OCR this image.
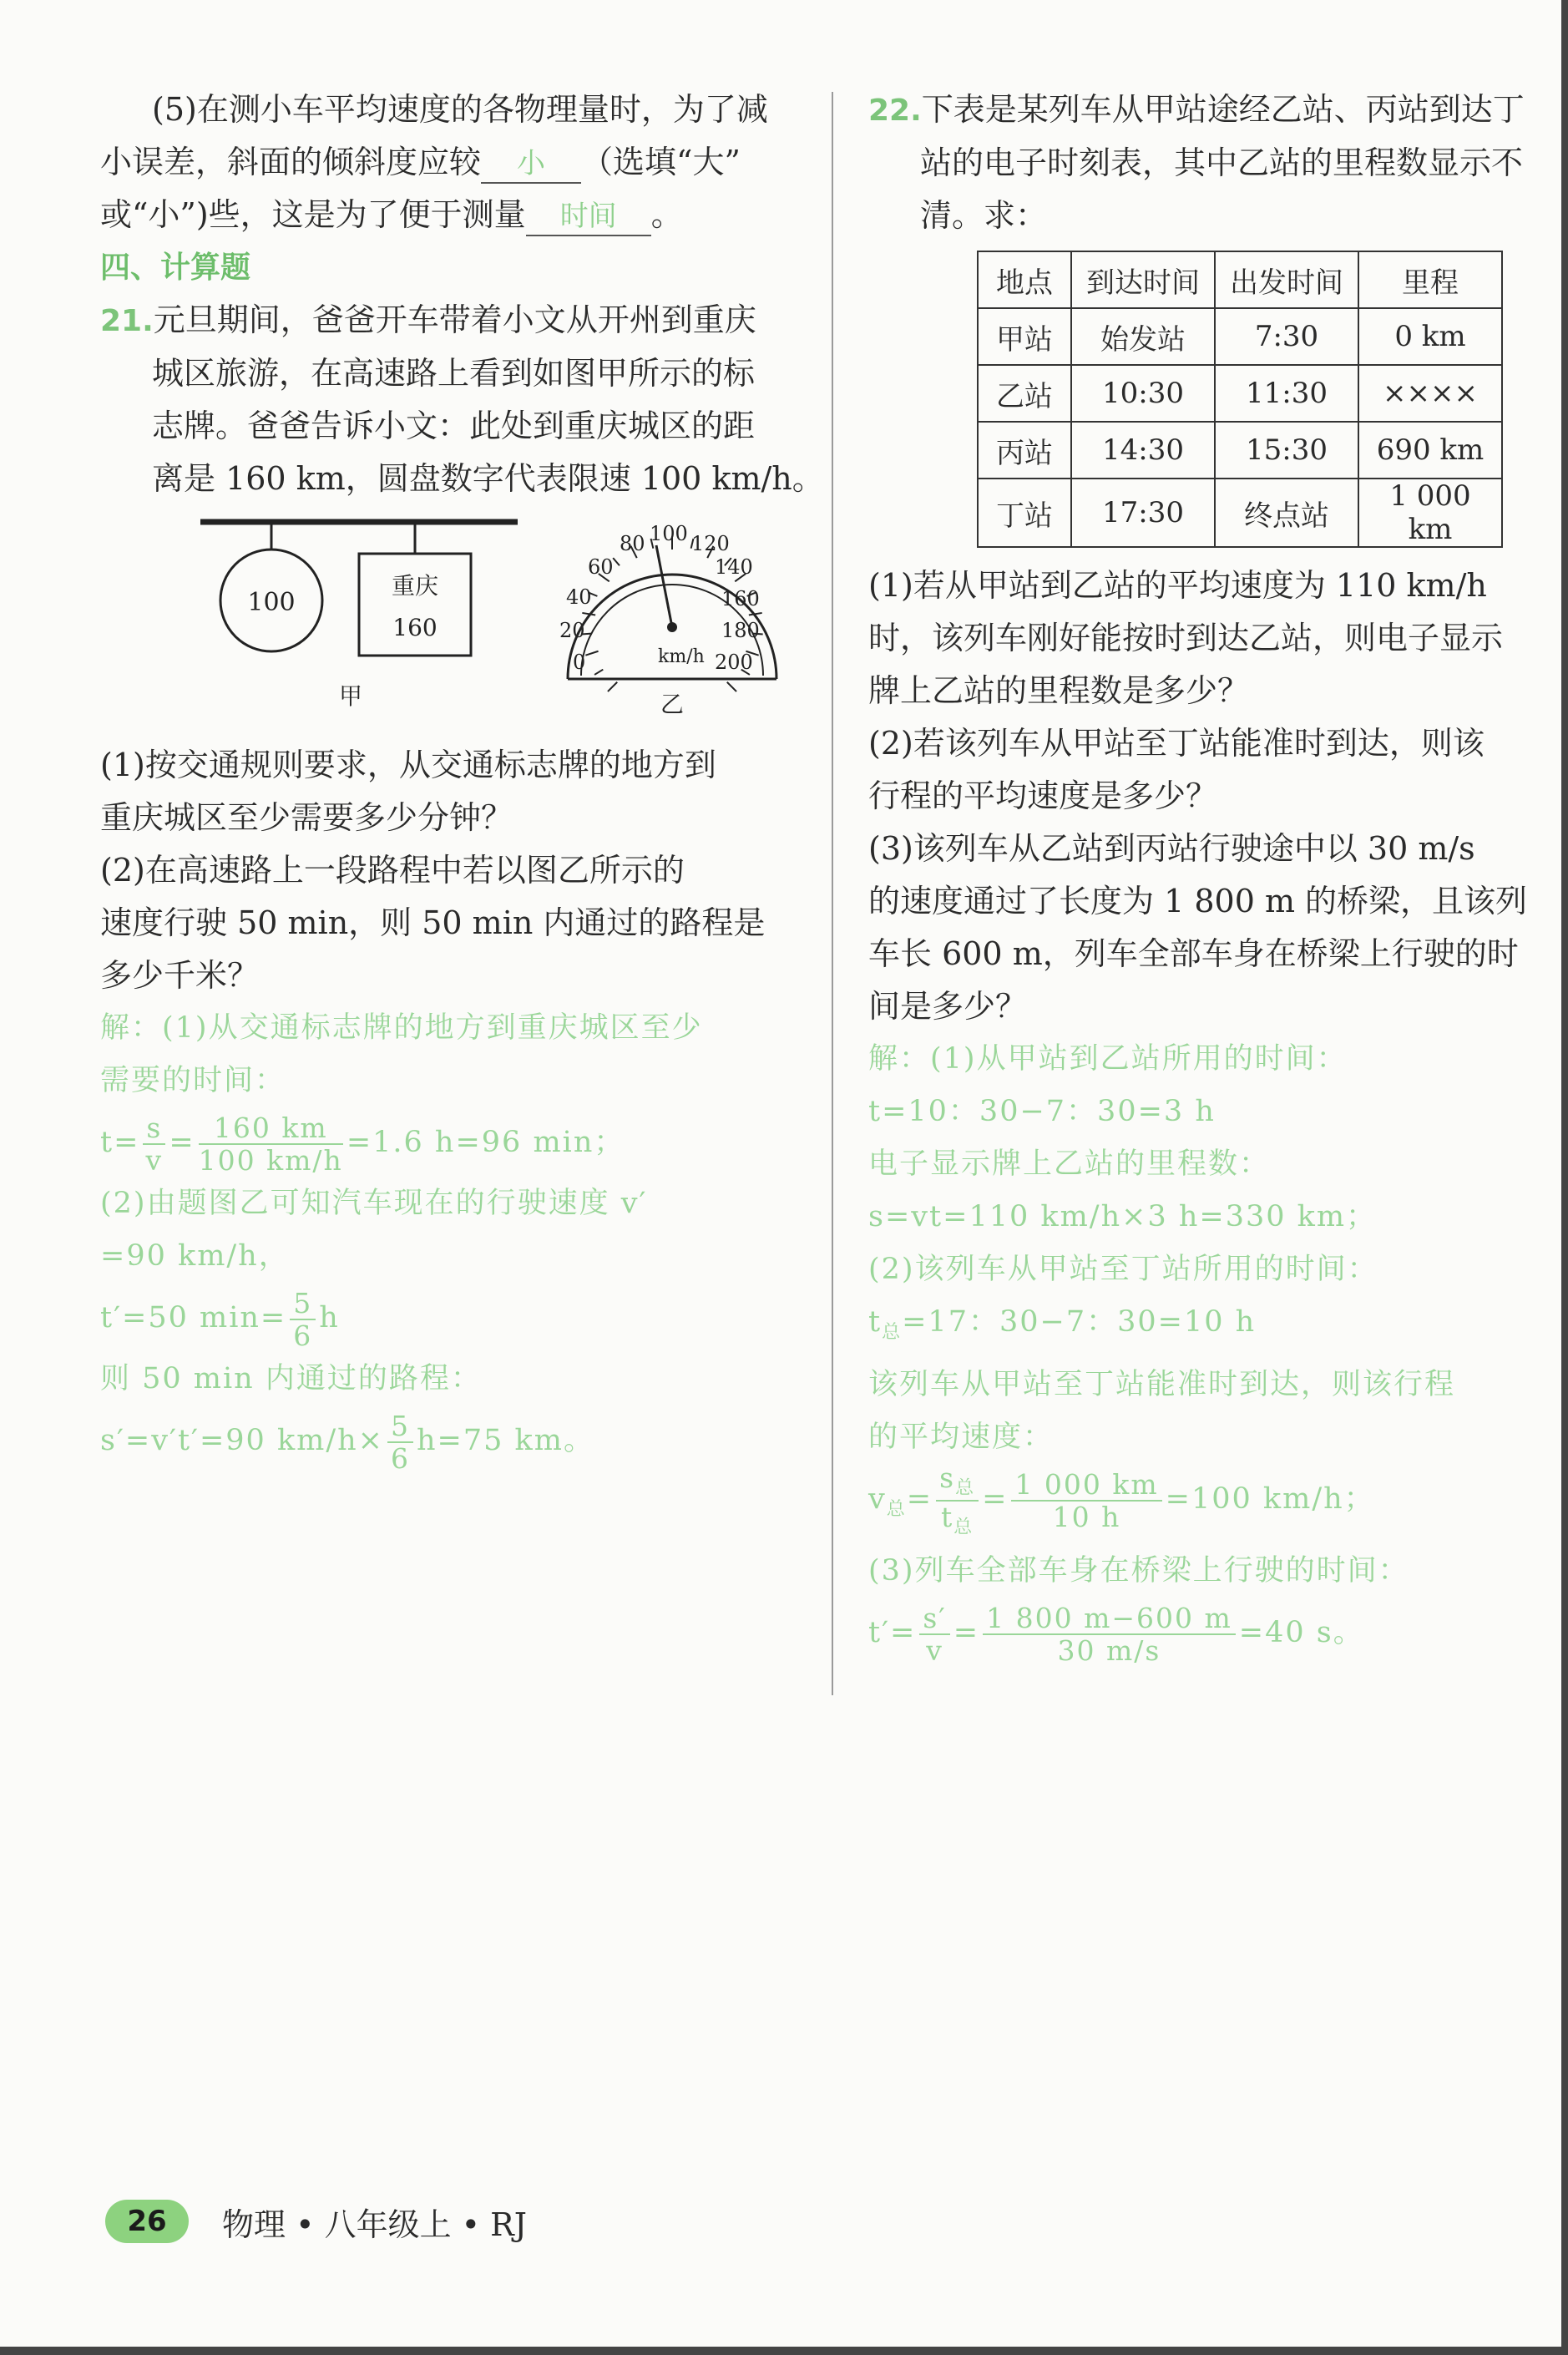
(5)在测小车平均速度的各物理量时，为了减
小误差，斜面的倾斜度应较 小 （选填“大”
或“小”)些，这是为了便于测量 时间 。
四、计算题
21.元旦期间，爸爸开车带着小文从开州到重庆
城区旅游，在高速路上看到如图甲所示的标
志牌。爸爸告诉小文：此处到重庆城区的距
离是 160 km，圆盘数字代表限速 100 km/h。
100
重庆
160
甲
0
20
40
60
80 100 120
140
160
180
200
km/h
乙
(1)按交通规则要求，从交通标志牌的地方到
重庆城区至少需要多少分钟？
(2)在高速路上一段路程中若以图乙所示的
速度行驶 50 min，则 50 min 内通过的路程是
多少千米？
解：(1)从交通标志牌的地方到重庆城区至少
需要的时间：
$t= \frac{s}{v} = \frac{160 km}{100 km/h} =1.6$ h=96 min；
(2)由题图乙可知汽车现在的行驶速度 v′
=90 km/h，
t′=50 $\min= \frac{5}{6}$ h
则 50 min 内通过的路程：
s′=v′t′=90 $km/h\times \frac{5}{6} h=75$ km。
22.下表是某列车从甲站途经乙站、丙站到达丁
站的电子时刻表，其中乙站的里程数显示不
清。求：
地点	到达时间	出发时间	里程
甲站	始发站	7:30	0 km
乙站	10:30	11:30	××××
丙站	14:30	15:30	690 km
丁站	17:30	终点站	1 000 km
(1)若从甲站到乙站的平均速度为 110 km/h
时，该列车刚好能按时到达乙站，则电子显示
牌上乙站的里程数是多少？
(2)若该列车从甲站至丁站能准时到达，则该
行程的平均速度是多少？
(3)该列车从乙站到丙站行驶途中以 30 m/s
的速度通过了长度为 1 800 m 的桥梁，且该列
车长 600 m，列车全部车身在桥梁上行驶的时
间是多少？
解：(1)从甲站到乙站所用的时间：
t=10：30−7：30=3 h
电子显示牌上乙站的里程数：
s=vt=110 km/h×3 h=330 km；
(2)该列车从甲站至丁站所用的时间：
$t_总=17$：30−7：30=10 h
该列车从甲站至丁站能准时到达，则该行程
的平均速度：
$v_总= \frac{s_总}{t_总} = \frac{1 000 km}{10 h} =100$ km/h；
(3)列车全部车身在桥梁上行驶的时间：
$t'= \frac{s'}{v} = \frac{1 800 m-600 m}{30 m/s} =40$ s。
26	物理 • 八年级上 • RJ
